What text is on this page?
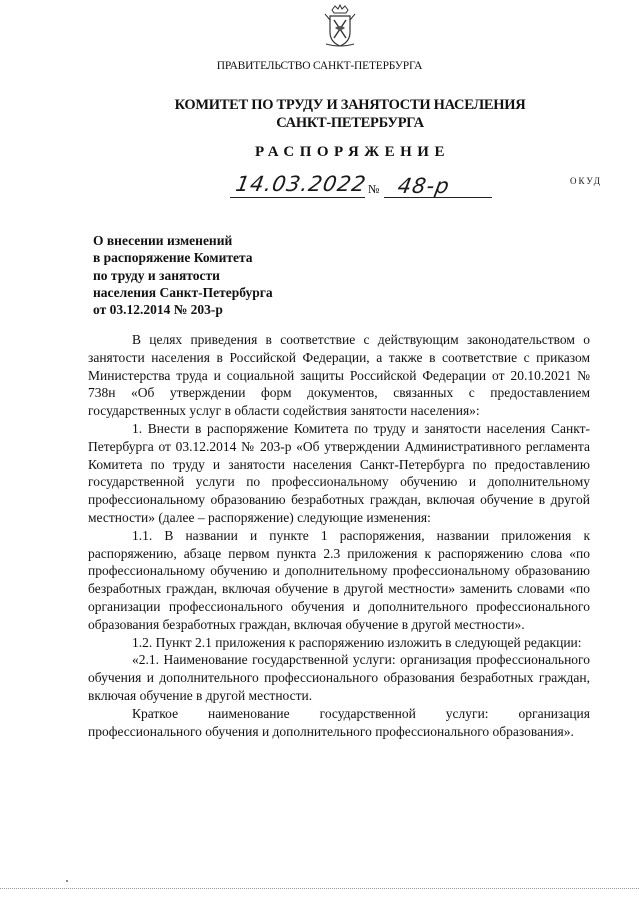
ПРАВИТЕЛЬСТВО САНКТ-ПЕТЕРБУРГА
КОМИТЕТ ПО ТРУДУ И ЗАНЯТОСТИ НАСЕЛЕНИЯ
САНКТ-ПЕТЕРБУРГА
РАСПОРЯЖЕНИЕ
ОКУД
14.03.2022 № 48-р
О внесении изменений
в распоряжение Комитета
по труду и занятости
населения Санкт-Петербурга
от 03.12.2014 № 203-р

В целях приведения в соответствие с действующим законодательством о занятости населения в Российской Федерации, а также в соответствие с приказом Министерства труда и социальной защиты Российской Федерации от 20.10.2021 № 738н «Об утверждении форм документов, связанных с предоставлением государственных услуг в области содействия занятости населения»:

1. Внести в распоряжение Комитета по труду и занятости населения Санкт-Петербурга от 03.12.2014 № 203-р «Об утверждении Административного регламента Комитета по труду и занятости населения Санкт-Петербурга по предоставлению государственной услуги по профессиональному обучению и дополнительному профессиональному образованию безработных граждан, включая обучение в другой местности» (далее – распоряжение) следующие изменения:

1.1. В названии и пункте 1 распоряжения, названии приложения к распоряжению, абзаце первом пункта 2.3 приложения к распоряжению слова «по профессиональному обучению и дополнительному профессиональному образованию безработных граждан, включая обучение в другой местности» заменить словами «по организации профессионального обучения и дополнительного профессионального образования безработных граждан, включая обучение в другой местности».

1.2. Пункт 2.1 приложения к распоряжению изложить в следующей редакции:

«2.1. Наименование государственной услуги: организация профессионального обучения и дополнительного профессионального образования безработных граждан, включая обучение в другой местности.

Краткое наименование государственной услуги: организация профессионального обучения и дополнительного профессионального образования».
